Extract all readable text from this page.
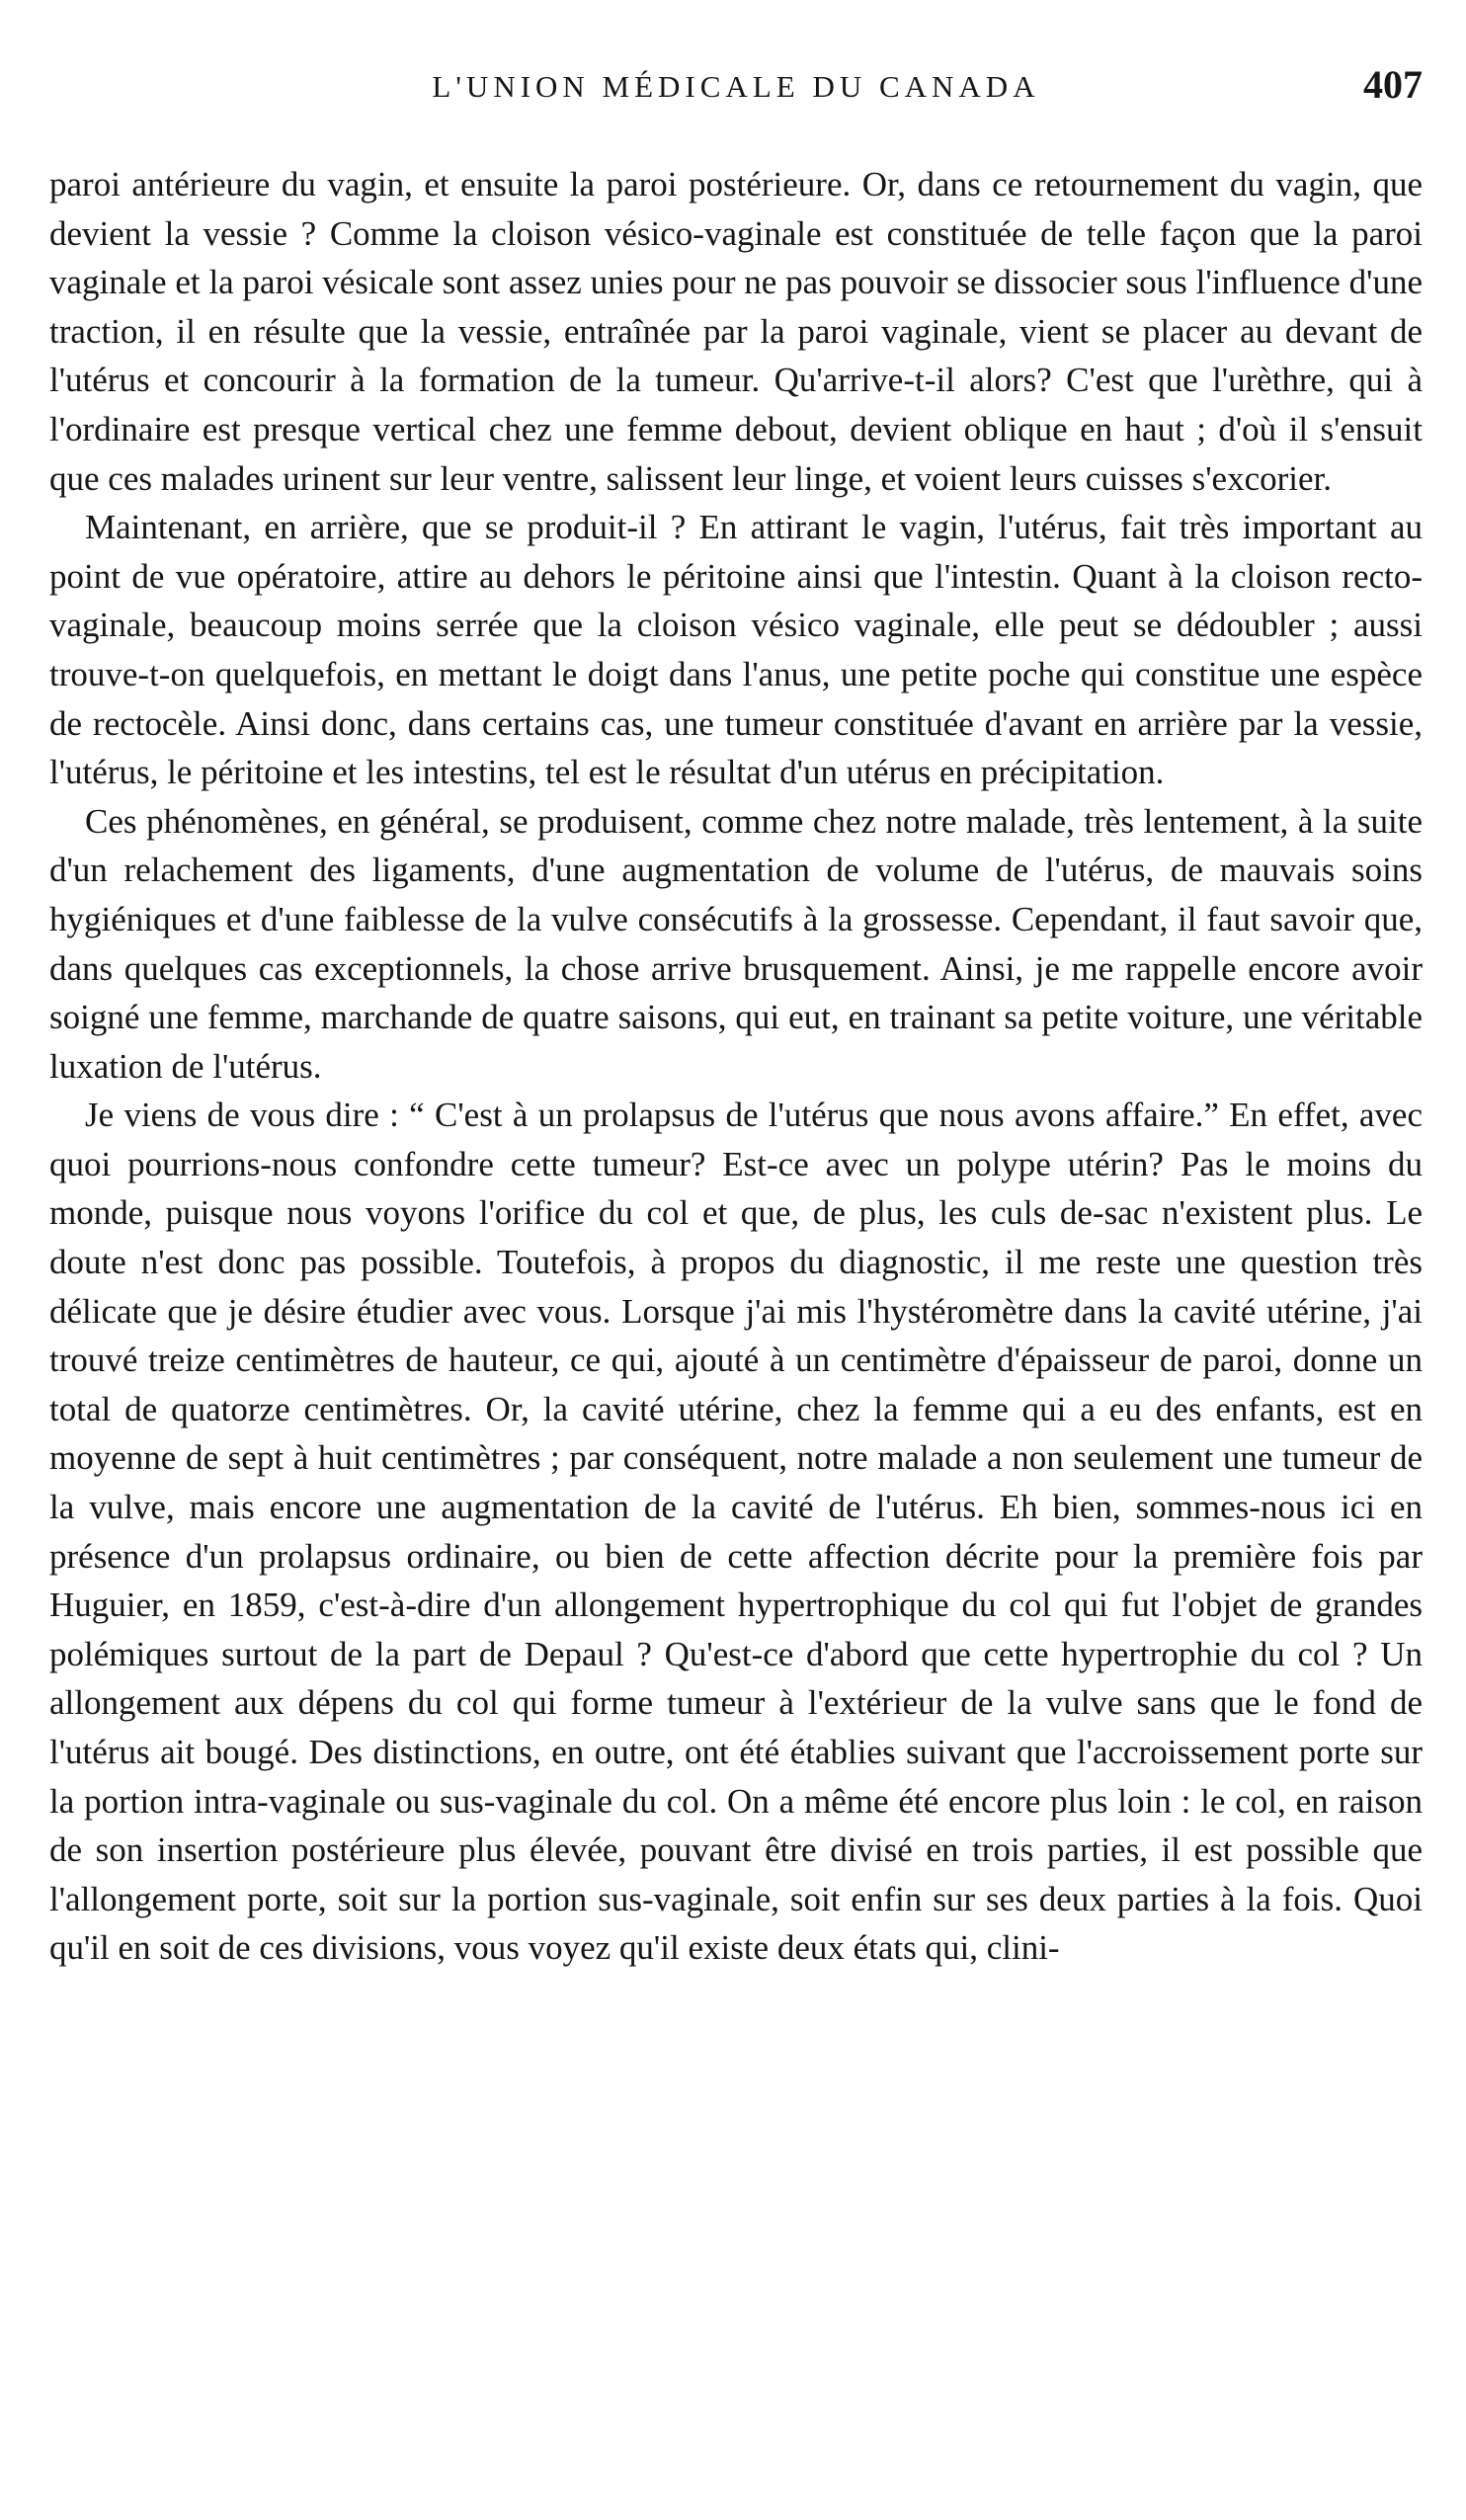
L'UNION MÉDICALE DU CANADA	407

paroi antérieure du vagin, et ensuite la paroi postérieure. Or, dans ce retournement du vagin, que devient la vessie ? Comme la cloison vésico-vaginale est constituée de telle façon que la paroi vaginale et la paroi vésicale sont assez unies pour ne pas pouvoir se dissocier sous l'influence d'une traction, il en résulte que la vessie, entraînée par la paroi vaginale, vient se placer au devant de l'utérus et concourir à la formation de la tumeur. Qu'arrive-t-il alors? C'est que l'urèthre, qui à l'ordinaire est presque vertical chez une femme debout, devient oblique en haut ; d'où il s'ensuit que ces malades urinent sur leur ventre, salissent leur linge, et voient leurs cuisses s'excorier.

Maintenant, en arrière, que se produit-il ? En attirant le vagin, l'utérus, fait très important au point de vue opératoire, attire au dehors le péritoine ainsi que l'intestin. Quant à la cloison recto-vaginale, beaucoup moins serrée que la cloison vésico vaginale, elle peut se dédoubler ; aussi trouve-t-on quelquefois, en mettant le doigt dans l'anus, une petite poche qui constitue une espèce de rectocèle. Ainsi donc, dans certains cas, une tumeur constituée d'avant en arrière par la vessie, l'utérus, le péritoine et les intestins, tel est le résultat d'un utérus en précipitation.

Ces phénomènes, en général, se produisent, comme chez notre malade, très lentement, à la suite d'un relachement des ligaments, d'une augmentation de volume de l'utérus, de mauvais soins hygiéniques et d'une faiblesse de la vulve consécutifs à la grossesse. Cependant, il faut savoir que, dans quelques cas exceptionnels, la chose arrive brusquement. Ainsi, je me rappelle encore avoir soigné une femme, marchande de quatre saisons, qui eut, en trainant sa petite voiture, une véritable luxation de l'utérus.

Je viens de vous dire : “ C'est à un prolapsus de l'utérus que nous avons affaire.” En effet, avec quoi pourrions-nous confondre cette tumeur? Est-ce avec un polype utérin? Pas le moins du monde, puisque nous voyons l'orifice du col et que, de plus, les culs de-sac n'existent plus. Le doute n'est donc pas possible. Toutefois, à propos du diagnostic, il me reste une question très délicate que je désire étudier avec vous. Lorsque j'ai mis l'hystéromètre dans la cavité utérine, j'ai trouvé treize centimètres de hauteur, ce qui, ajouté à un centimètre d'épaisseur de paroi, donne un total de quatorze centimètres. Or, la cavité utérine, chez la femme qui a eu des enfants, est en moyenne de sept à huit centimètres ; par conséquent, notre malade a non seulement une tumeur de la vulve, mais encore une augmentation de la cavité de l'utérus. Eh bien, sommes-nous ici en présence d'un prolapsus ordinaire, ou bien de cette affection décrite pour la première fois par Huguier, en 1859, c'est-à-dire d'un allongement hypertrophique du col qui fut l'objet de grandes polémiques surtout de la part de Depaul ? Qu'est-ce d'abord que cette hypertrophie du col ? Un allongement aux dépens du col qui forme tumeur à l'extérieur de la vulve sans que le fond de l'utérus ait bougé. Des distinctions, en outre, ont été établies suivant que l'accroissement porte sur la portion intra-vaginale ou sus-vaginale du col. On a même été encore plus loin : le col, en raison de son insertion postérieure plus élevée, pouvant être divisé en trois parties, il est possible que l'allongement porte, soit sur la portion sus-vaginale, soit enfin sur ses deux parties à la fois. Quoi qu'il en soit de ces divisions, vous voyez qu'il existe deux états qui, clini-
